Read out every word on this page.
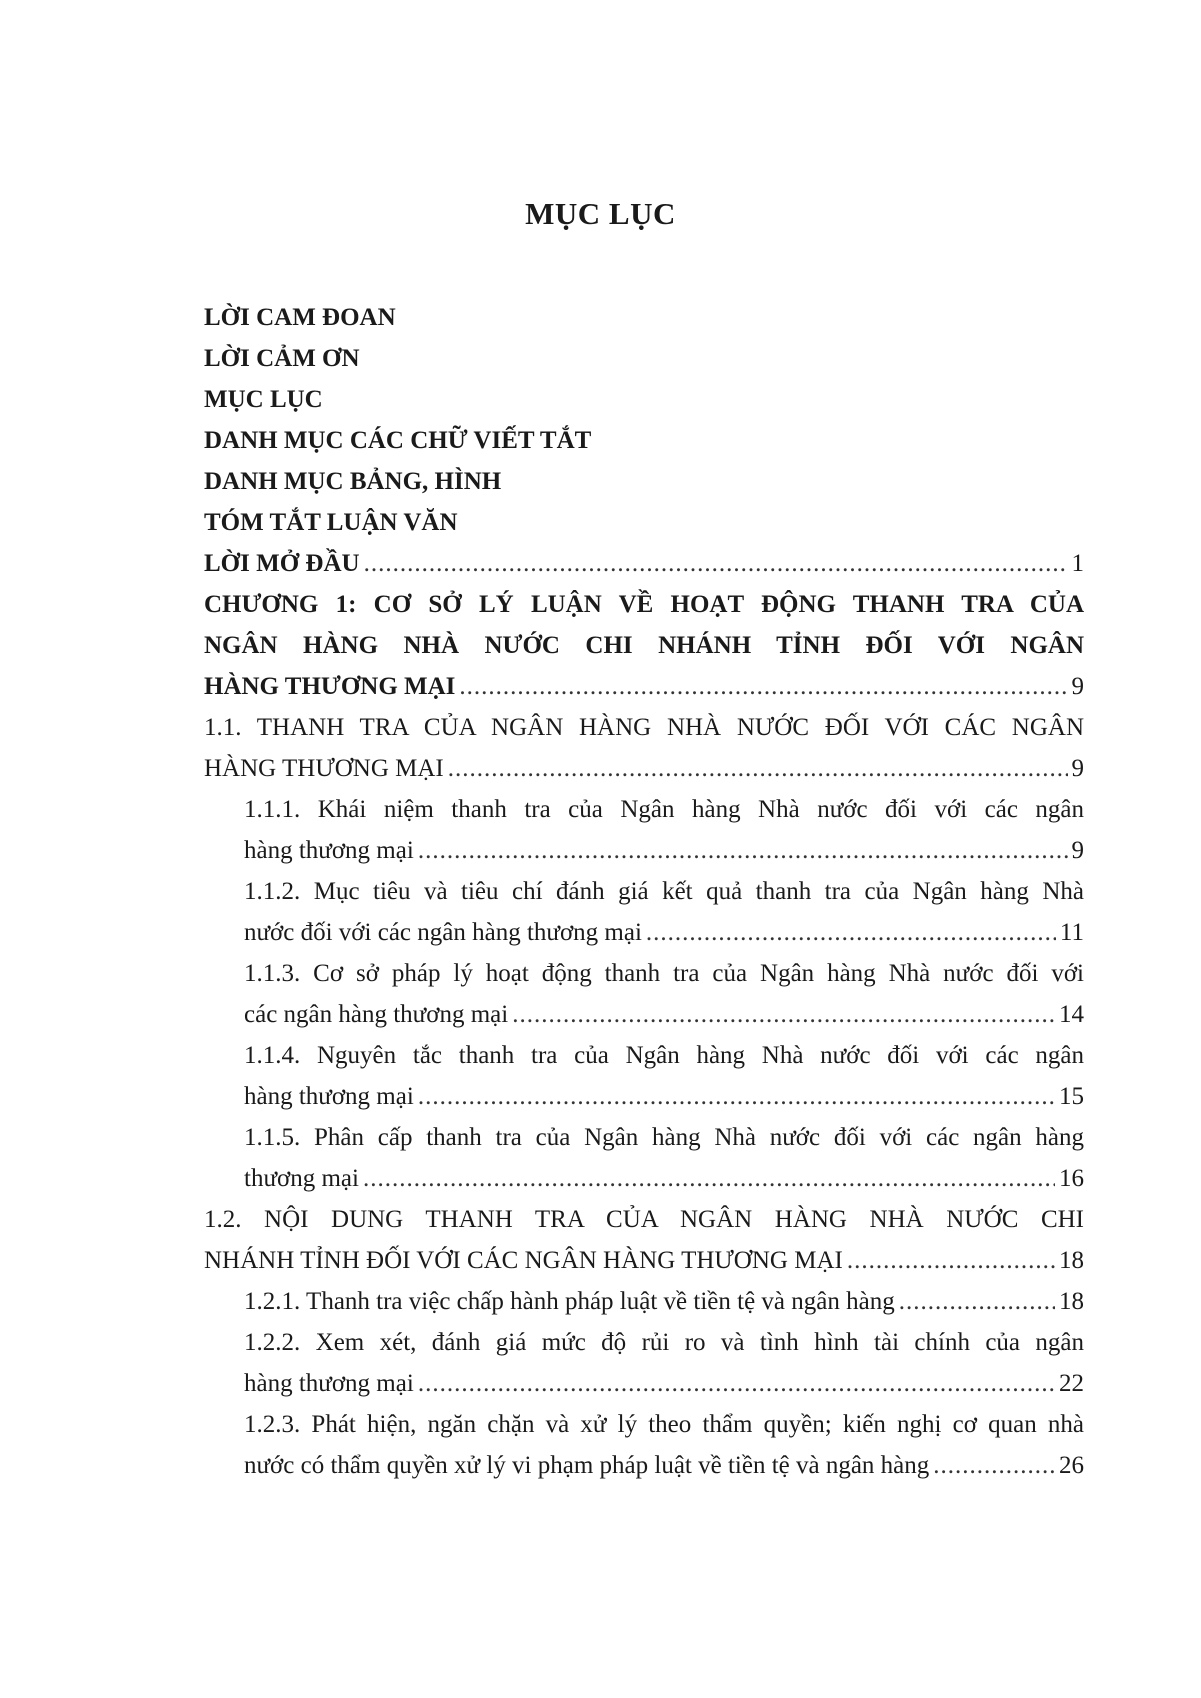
MỤC LỤC
LỜI CAM ĐOAN
LỜI CẢM ƠN
MỤC LỤC
DANH MỤC CÁC CHỮ VIẾT TẮT
DANH MỤC BẢNG, HÌNH
TÓM TẮT LUẬN VĂN
LỜI MỞ ĐẦU .....	1
CHƯƠNG 1: CƠ SỞ LÝ LUẬN VỀ HOẠT ĐỘNG THANH TRA CỦA
NGÂN HÀNG NHÀ NƯỚC CHI NHÁNH TỈNH ĐỐI VỚI NGÂN
HÀNG THƯƠNG MẠI .....	9
1.1. THANH TRA CỦA NGÂN HÀNG NHÀ NƯỚC ĐỐI VỚI CÁC NGÂN
HÀNG THƯƠNG MẠI .....	9
1.1.1. Khái niệm thanh tra của Ngân hàng Nhà nước đối với các ngân
hàng thương mại .....	9
1.1.2. Mục tiêu và tiêu chí đánh giá kết quả thanh tra của Ngân hàng Nhà
nước đối với các ngân hàng thương mại .....	11
1.1.3. Cơ sở pháp lý hoạt động thanh tra của Ngân hàng Nhà nước đối với
các ngân hàng thương mại .....	14
1.1.4. Nguyên tắc thanh tra của Ngân hàng Nhà nước đối với các ngân
hàng thương mại .....	15
1.1.5. Phân cấp thanh tra của Ngân hàng Nhà nước đối với các ngân hàng
thương mại .....	16
1.2. NỘI DUNG THANH TRA CỦA NGÂN HÀNG NHÀ NƯỚC CHI
NHÁNH TỈNH ĐỐI VỚI CÁC NGÂN HÀNG THƯƠNG MẠI .....	18
1.2.1. Thanh tra việc chấp hành pháp luật về tiền tệ và ngân hàng .....	18
1.2.2. Xem xét, đánh giá mức độ rủi ro và tình hình tài chính của ngân
hàng thương mại .....	22
1.2.3. Phát hiện, ngăn chặn và xử lý theo thẩm quyền; kiến nghị cơ quan nhà
nước có thẩm quyền xử lý vi phạm pháp luật về tiền tệ và ngân hàng .....	26
